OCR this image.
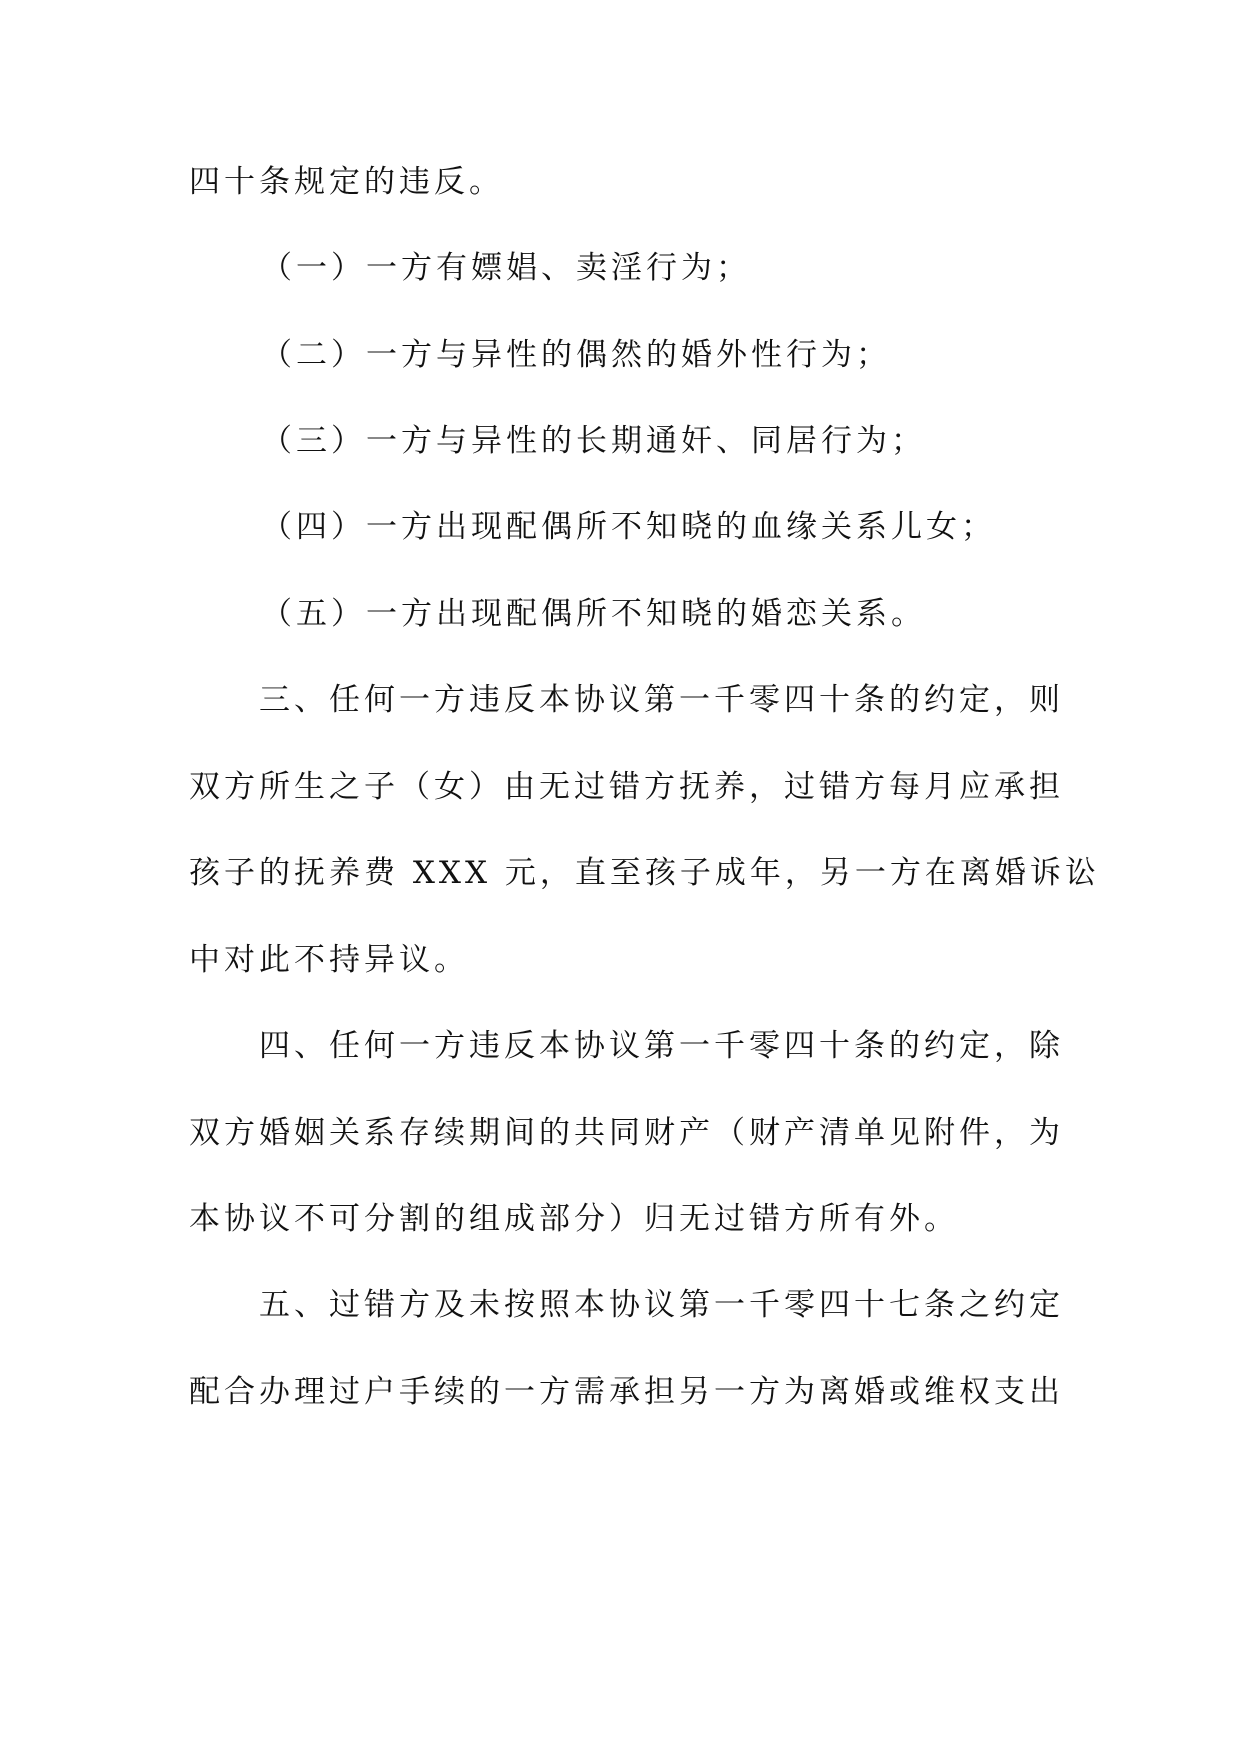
四十条规定的违反。
（一）一方有嫖娼、卖淫行为；
（二）一方与异性的偶然的婚外性行为；
（三）一方与异性的长期通奸、同居行为；
（四）一方出现配偶所不知晓的血缘关系儿女；
（五）一方出现配偶所不知晓的婚恋关系。
三、任何一方违反本协议第一千零四十条的约定，则
双方所生之子（女）由无过错方抚养，过错方每月应承担
孩子的抚养费 XXX 元，直至孩子成年，另一方在离婚诉讼
中对此不持异议。
四、任何一方违反本协议第一千零四十条的约定，除
双方婚姻关系存续期间的共同财产（财产清单见附件，为
本协议不可分割的组成部分）归无过错方所有外。
五、过错方及未按照本协议第一千零四十七条之约定
配合办理过户手续的一方需承担另一方为离婚或维权支出
